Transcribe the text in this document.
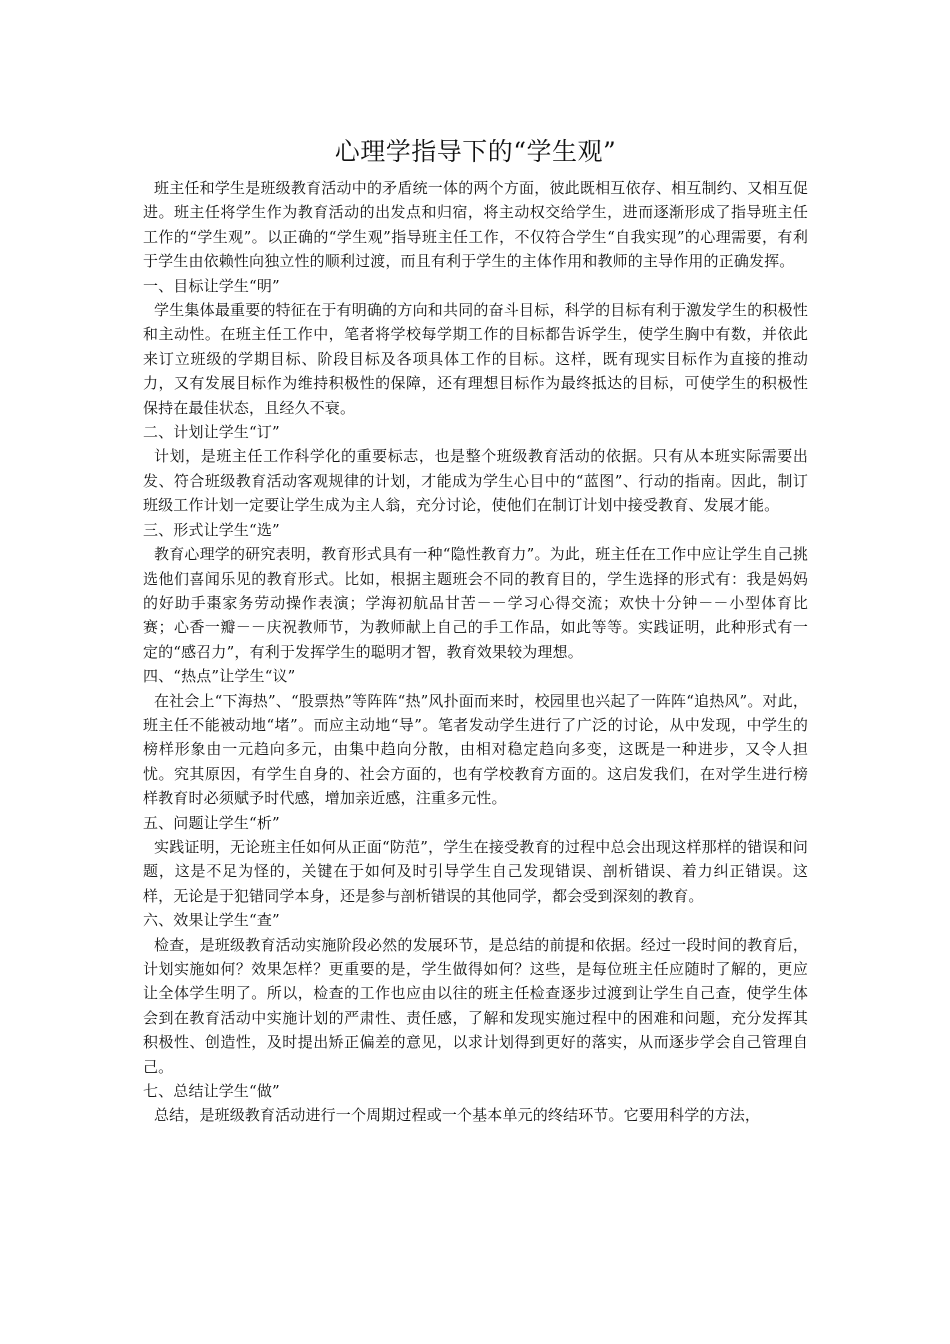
心理学指导下的“学生观”

班主任和学生是班级教育活动中的矛盾统一体的两个方面，彼此既相互依存、相互制约、又相互促进。班主任将学生作为教育活动的出发点和归宿，将主动权交给学生，进而逐渐形成了指导班主任工作的“学生观”。以正确的“学生观”指导班主任工作，不仅符合学生“自我实现”的心理需要，有利于学生由依赖性向独立性的顺利过渡，而且有利于学生的主体作用和教师的主导作用的正确发挥。

一、目标让学生“明”

学生集体最重要的特征在于有明确的方向和共同的奋斗目标，科学的目标有利于激发学生的积极性和主动性。在班主任工作中，笔者将学校每学期工作的目标都告诉学生，使学生胸中有数，并依此来订立班级的学期目标、阶段目标及各项具体工作的目标。这样，既有现实目标作为直接的推动力，又有发展目标作为维持积极性的保障，还有理想目标作为最终抵达的目标，可使学生的积极性保持在最佳状态，且经久不衰。

二、计划让学生“订”

计划，是班主任工作科学化的重要标志，也是整个班级教育活动的依据。只有从本班实际需要出发、符合班级教育活动客观规律的计划，才能成为学生心目中的“蓝图”、行动的指南。因此，制订班级工作计划一定要让学生成为主人翁，充分讨论，使他们在制订计划中接受教育、发展才能。

三、形式让学生“选”

教育心理学的研究表明，教育形式具有一种“隐性教育力”。为此，班主任在工作中应让学生自己挑选他们喜闻乐见的教育形式。比如，根据主题班会不同的教育目的，学生选择的形式有：我是妈妈的好助手棗家务劳动操作表演；学海初航品甘苦－－学习心得交流；欢快十分钟－－小型体育比赛；心香一瓣－－庆祝教师节，为教师献上自己的手工作品，如此等等。实践证明，此种形式有一定的“感召力”，有利于发挥学生的聪明才智，教育效果较为理想。

四、“热点”让学生“议”

在社会上“下海热”、“股票热”等阵阵“热”风扑面而来时，校园里也兴起了一阵阵“追热风”。对此，班主任不能被动地“堵”。而应主动地“导”。笔者发动学生进行了广泛的讨论，从中发现，中学生的榜样形象由一元趋向多元，由集中趋向分散，由相对稳定趋向多变，这既是一种进步，又令人担忧。究其原因，有学生自身的、社会方面的，也有学校教育方面的。这启发我们，在对学生进行榜样教育时必须赋予时代感，增加亲近感，注重多元性。

五、问题让学生“析”

实践证明，无论班主任如何从正面“防范”，学生在接受教育的过程中总会出现这样那样的错误和问题，这是不足为怪的，关键在于如何及时引导学生自己发现错误、剖析错误、着力纠正错误。这样，无论是于犯错同学本身，还是参与剖析错误的其他同学，都会受到深刻的教育。

六、效果让学生“查”

检查，是班级教育活动实施阶段必然的发展环节，是总结的前提和依据。经过一段时间的教育后，计划实施如何？效果怎样？更重要的是，学生做得如何？这些，是每位班主任应随时了解的，更应让全体学生明了。所以，检查的工作也应由以往的班主任检查逐步过渡到让学生自己查，使学生体会到在教育活动中实施计划的严肃性、责任感，了解和发现实施过程中的困难和问题，充分发挥其积极性、创造性，及时提出矫正偏差的意见，以求计划得到更好的落实，从而逐步学会自己管理自己。

七、总结让学生“做”

总结，是班级教育活动进行一个周期过程或一个基本单元的终结环节。它要用科学的方法，
